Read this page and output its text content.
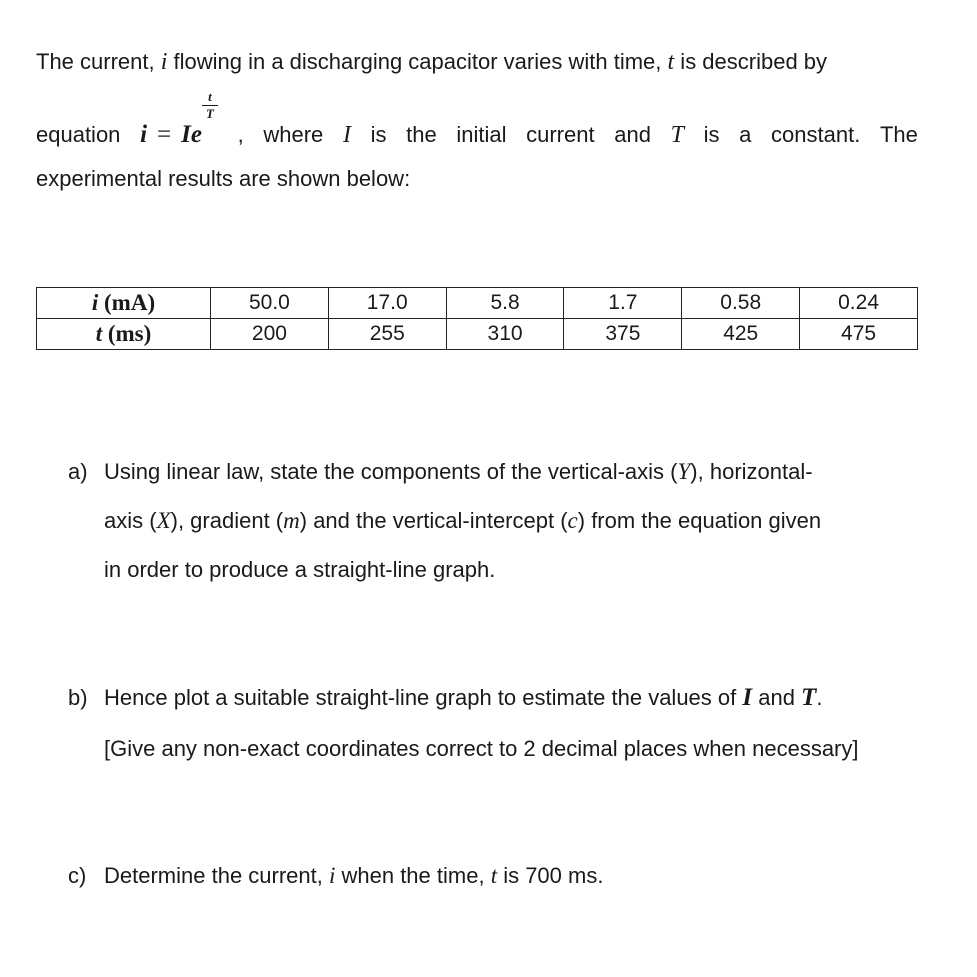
The current, i flowing in a discharging capacitor varies with time, t is described by
equation i = I e
$\frac{t}{T}$
, where I is the initial current and T is a constant. The
experimental results are shown below:
i (mA)	50.0	17.0	5.8	1.7	0.58	0.24
t (ms)	200	255	310	375	425	475
a) Using linear law, state the components of the vertical-axis (Y), horizontal-
axis (X), gradient (m) and the vertical-intercept (c) from the equation given
in order to produce a straight-line graph.
b) Hence plot a suitable straight-line graph to estimate the values of I and T.
[Give any non-exact coordinates correct to 2 decimal places when necessary]
c) Determine the current, i when the time, t is 700 ms.
